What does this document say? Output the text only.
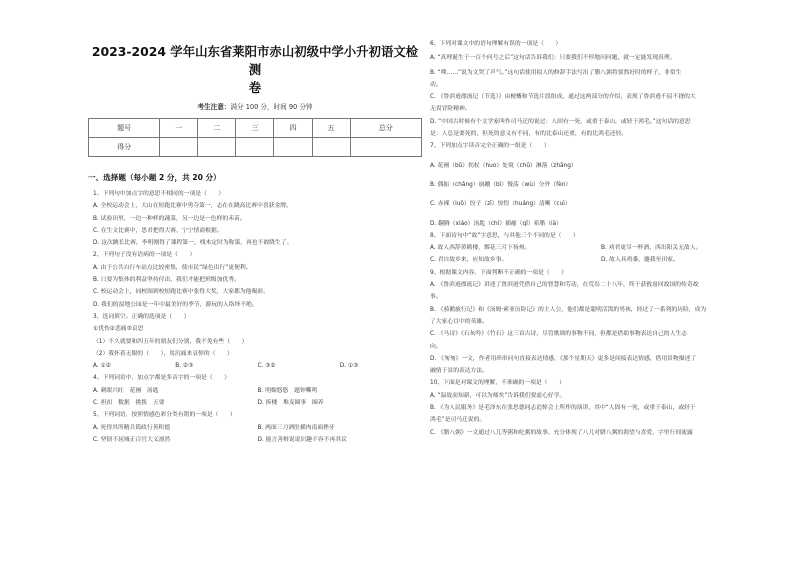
2023-2024 学年山东省莱阳市赤山初级中学小升初语文检测
卷
考生注意：满分 100 分，时间 90 分钟
题号	一	二	三	四	五	总分
得分						
一、选择题（每小题 2 分，共 20 分）
1、下列句中加点字的意思不相同的一项是（　　）
A. 全校运动会上，大山在短跑比赛中勇夺第一，志在在跳高比赛中喜获金牌。
B. 试验田里，一边一种样的蔬菜，另一边是一色样的禾苗。
C. 在生文比赛中，思君把得大赛，宁宁情商根据。
D. 这次跳长比赛，李明刚得了课程第一，栈木定时为称第，再也不敢降生了。
2、下列句子没有语病的一项是（　　）
A. 由于公共自行车站点比较密集，使市民“绿色出行”更便利。
B. 只要为集体的利益坚持付出，我们才能把班级加优秀。
C. 校运动会上，同校图到校短跑比赛中张得大奖，大家都为他喝彩。
D. 我们的湿地公园是一年中最美好的季节，游玩的人络绎不绝。
3、选词填空。正确的选项是（　　）
①优伤②悲痛③哀思
（1）不久就要和四五年的朋友们分别，我不免有些（　　）
（2）我怀着无限的（　　），用沉痛来哀悼的（　　）
A. ①②	B. ②③	C. ③②	D. ①③
4、下列词语中，加点字都是多音字的一项是（　　）
A. 刺眼兴旺　花圃　汤匙	B. 明媚悠悠　题钟嘶鸣
C. 担扣　数据　挑拨　五要	D. 拆楼　堆麦圈事　圈养
5、下列词语，按照情感色彩分类有错的一项是（　　）
A. 死得其所精兵简政行善积德	B. 两面三刀酒肚横肉南面挫牙
C. 坚韧不屈城正百官大义凛然	D. 能言善辩说说识趣不容不再其议
6、下列对课文中的语句理解有误的一项是（　　）
A. “真理诞生于一百个问号之后”这句话告诉我们：只要我们不停地问问题，就一定能发现真理。
B. “噗……”说为文哭了声气。”这句话使用拟人的修辞手法写出了腊八粥将要熬好时的样子，非常生
动。
C. 《鲁滨逊漂流记（节选）》由梗概和节选片段组成，通过这两部分的介绍，表现了鲁滨逊不屈不挠的大
无畏冒险精神。
D. “中国古时候有个文学家叫作司马迁的说过：人固有一死，或重于泰山，或轻于鸿毛。”这句话的意思
是：人总是要死的，但死的意义有不同，有的比泰山还重，有的比鸿毛还轻。
7、下列加点字读音完全正确的一组是（　　）
A. 花圃（bǔ）拐杖（huo）处境（chǔ）淋落（zhāng）
B. 偶振（chǎng）崩蹦（bì）馒荡（wù）分外（fèn）
C. 赤裸（luǒ）饺子（zī）惊惶（huáng）清晰（cuì）
D. 翻腾（xiáo）汤匙（chí）插瘪（qǐ）希腊（là）
8、下面诗句中“故”字意思，与其他三个不同的是（　　）
A. 故人西辞黄鹤楼，烟花三月下扬州。	B. 劝君更尽一杯酒，西出阳关无故人。
C. 君自故乡来，应知故乡事。	D. 故人具鸡黍，邀我至田家。
9、根据课文内容，下面判断不正确的一项是（　　）
A. 《鲁滨逊漂流记》讲述了鲁滨逊凭借自己的智慧和劳动，在荒岛二十八年，终于获救返回故国的传奇故
事。
B. 《骑鹅旅行记》和《汤姆·索亚历险记》的主人公，他们都是聪明活泼的男孩，经过了一系列的历险，成为
了大家心目中的英雄。
C. 《马诗》《石灰吟》《竹石》这三首古诗，尽管歌颂的事物不同，但都是借助事物表达自己的人生志
向。
D. 《匆匆》一文，作者用串串问句直接表达情感，《那个星期天》更多是间接表达情感，借用景物描述了
融情于景的表达方法。
10、下面是对课文的理解，不准确的一项是（　　）
A. “温故而知新，可以为师矣”告诉我们要虚心好学。
B. 《为人民服务》是毛泽东在张思德同志追悼会上所作的演讲，其中“人固有一死，或重于泰山，或轻于
鸿毛”是司马迁说的。
C. 《腊八粥》一文通过八儿等粥和吃粥的故事，充分体现了八儿对腊八粥的渴望与喜爱，字里行间流露
